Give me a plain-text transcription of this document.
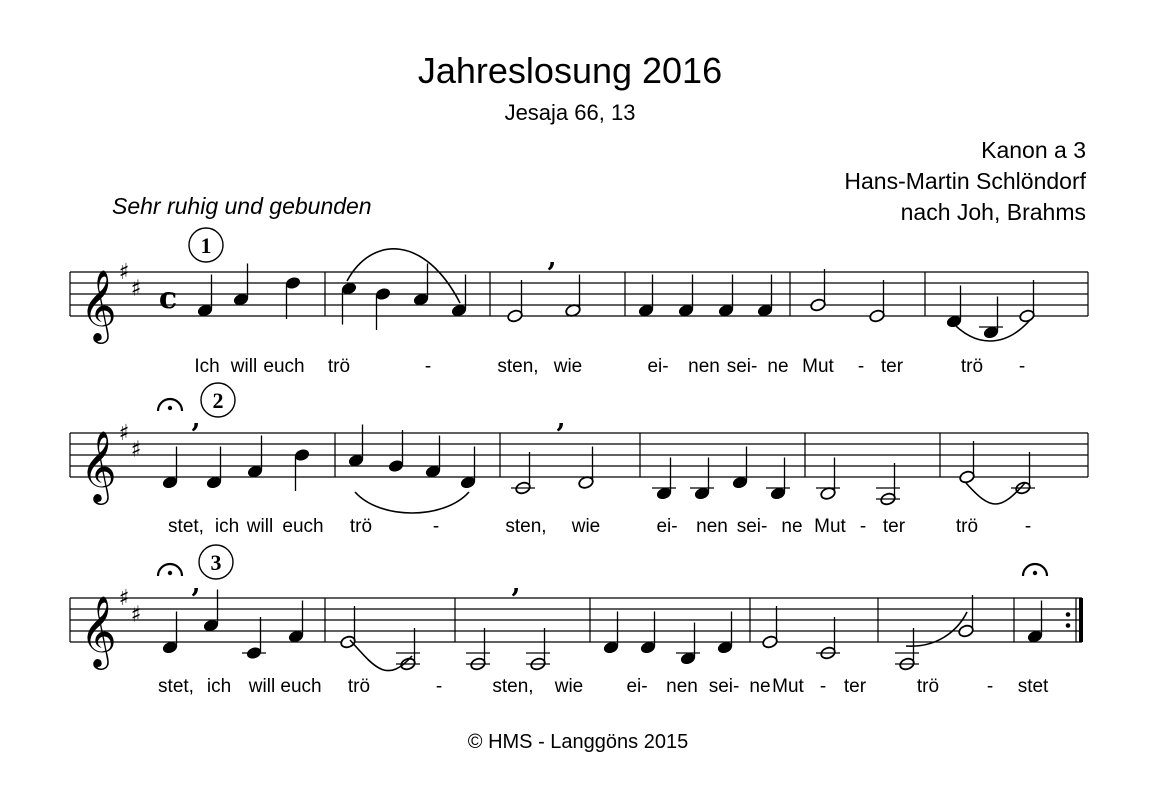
Jahreslosung 2016
Jesaja 66, 13
Kanon a 3
Hans-Martin Schlöndorf
nach Joh, Brahms
Sehr ruhig und gebunden
𝄞 ♯
♯ c
,
𝄞 ♯
♯
,	,
𝄞 ♯
♯
,	,
1
2
3
Ich will euch trö	-	sten, wie	ei- nen sei- ne Mut - ter	trö -
stet, ich will euch trö	-	sten, wie	ei- nen sei- ne Mut - ter	trö -
stet, ich will euch trö	-	sten, wie ei- nen sei- ne Mut - ter	trö	- stet
© HMS - Langgöns 2015
